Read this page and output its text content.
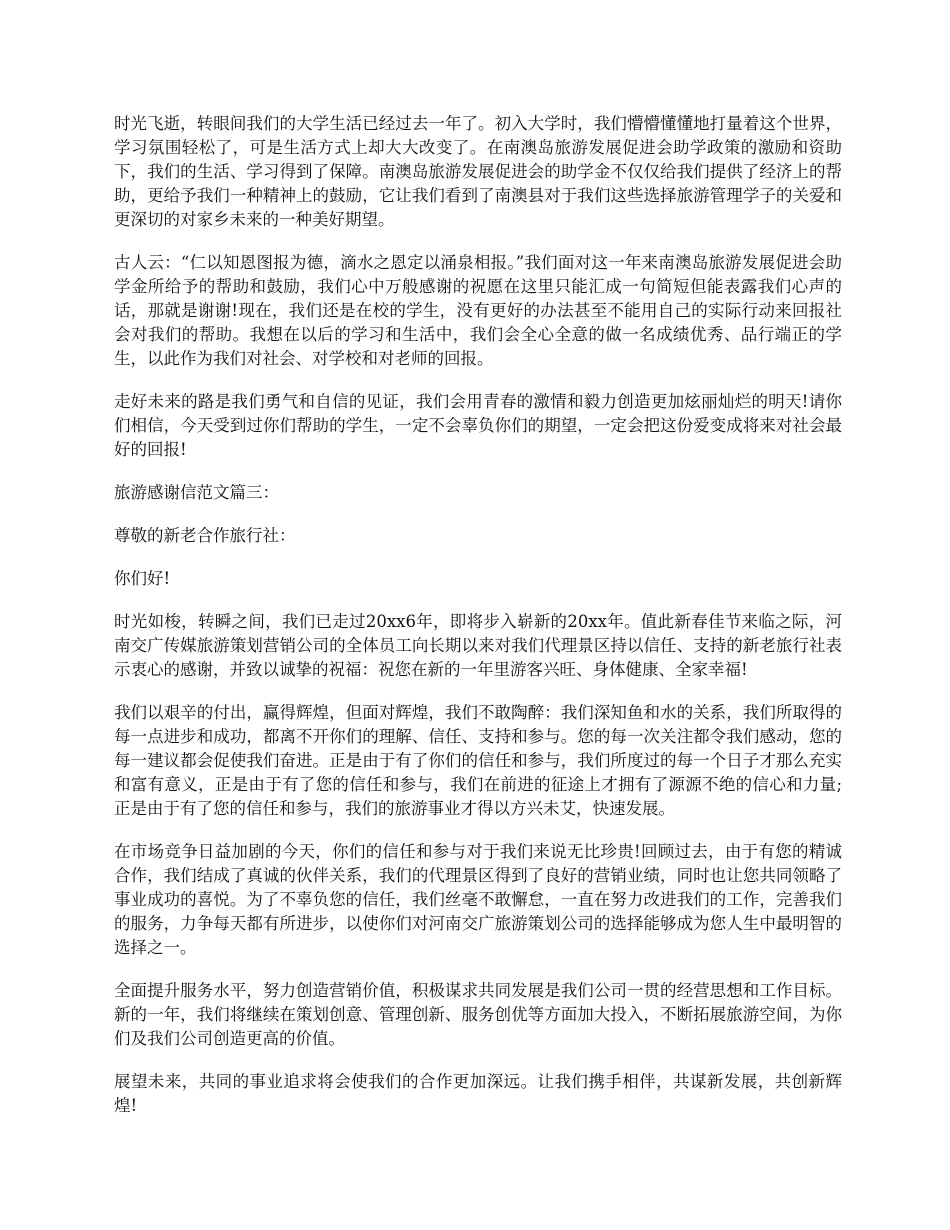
时光飞逝，转眼间我们的大学生活已经过去一年了。初入大学时，我们懵懵懂懂地打量着这个世界，学习氛围轻松了，可是生活方式上却大大改变了。在南澳岛旅游发展促进会助学政策的激励和资助下，我们的生活、学习得到了保障。南澳岛旅游发展促进会的助学金不仅仅给我们提供了经济上的帮助，更给予我们一种精神上的鼓励，它让我们看到了南澳县对于我们这些选择旅游管理学子的关爱和更深切的对家乡未来的一种美好期望。

古人云：“仁以知恩图报为德，滴水之恩定以涌泉相报。”我们面对这一年来南澳岛旅游发展促进会助学金所给予的帮助和鼓励，我们心中万般感谢的祝愿在这里只能汇成一句简短但能表露我们心声的话，那就是谢谢!现在，我们还是在校的学生，没有更好的办法甚至不能用自己的实际行动来回报社会对我们的帮助。我想在以后的学习和生活中，我们会全心全意的做一名成绩优秀、品行端正的学生，以此作为我们对社会、对学校和对老师的回报。

走好未来的路是我们勇气和自信的见证，我们会用青春的激情和毅力创造更加炫丽灿烂的明天!请你们相信，今天受到过你们帮助的学生，一定不会辜负你们的期望，一定会把这份爱变成将来对社会最好的回报!

旅游感谢信范文篇三：

尊敬的新老合作旅行社：

你们好!

时光如梭，转瞬之间，我们已走过20xx6年，即将步入崭新的20xx年。值此新春佳节来临之际，河南交广传媒旅游策划营销公司的全体员工向长期以来对我们代理景区持以信任、支持的新老旅行社表示衷心的感谢，并致以诚挚的祝福：祝您在新的一年里游客兴旺、身体健康、全家幸福!

我们以艰辛的付出，赢得辉煌，但面对辉煌，我们不敢陶醉：我们深知鱼和水的关系，我们所取得的每一点进步和成功，都离不开你们的理解、信任、支持和参与。您的每一次关注都令我们感动，您的每一建议都会促使我们奋进。正是由于有了你们的信任和参与，我们所度过的每一个日子才那么充实和富有意义，正是由于有了您的信任和参与，我们在前进的征途上才拥有了源源不绝的信心和力量;正是由于有了您的信任和参与，我们的旅游事业才得以方兴未艾，快速发展。

在市场竞争日益加剧的今天，你们的信任和参与对于我们来说无比珍贵!回顾过去，由于有您的精诚合作，我们结成了真诚的伙伴关系，我们的代理景区得到了良好的营销业绩，同时也让您共同领略了事业成功的喜悦。为了不辜负您的信任，我们丝毫不敢懈怠，一直在努力改进我们的工作，完善我们的服务，力争每天都有所进步，以使你们对河南交广旅游策划公司的选择能够成为您人生中最明智的选择之一。

全面提升服务水平，努力创造营销价值，积极谋求共同发展是我们公司一贯的经营思想和工作目标。新的一年，我们将继续在策划创意、管理创新、服务创优等方面加大投入，不断拓展旅游空间，为你们及我们公司创造更高的价值。

展望未来，共同的事业追求将会使我们的合作更加深远。让我们携手相伴，共谋新发展，共创新辉煌!
